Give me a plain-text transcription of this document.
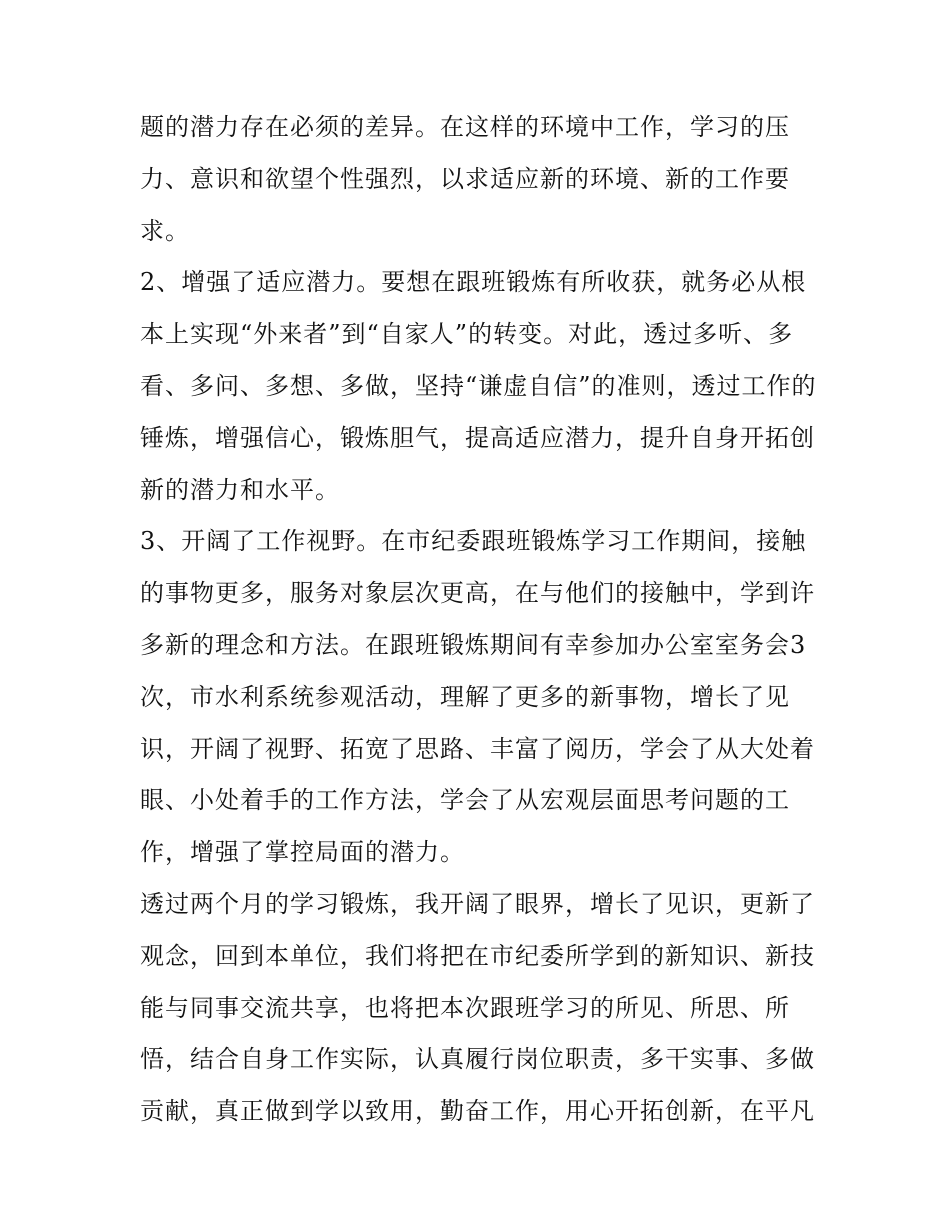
题的潜力存在必须的差异。在这样的环境中工作，学习的压
力、意识和欲望个性强烈，以求适应新的环境、新的工作要
求。
2、增强了适应潜力。要想在跟班锻炼有所收获，就务必从根
本上实现“外来者”到“自家人”的转变。对此，透过多听、多
看、多问、多想、多做，坚持“谦虚自信”的准则，透过工作的
锤炼，增强信心，锻炼胆气，提高适应潜力，提升自身开拓创
新的潜力和水平。
3、开阔了工作视野。在市纪委跟班锻炼学习工作期间，接触
的事物更多，服务对象层次更高，在与他们的接触中，学到许
多新的理念和方法。在跟班锻炼期间有幸参加办公室室务会3
次，市水利系统参观活动，理解了更多的新事物，增长了见
识，开阔了视野、拓宽了思路、丰富了阅历，学会了从大处着
眼、小处着手的工作方法，学会了从宏观层面思考问题的工
作，增强了掌控局面的潜力。
透过两个月的学习锻炼，我开阔了眼界，增长了见识，更新了
观念，回到本单位，我们将把在市纪委所学到的新知识、新技
能与同事交流共享，也将把本次跟班学习的所见、所思、所
悟，结合自身工作实际，认真履行岗位职责，多干实事、多做
贡献，真正做到学以致用，勤奋工作，用心开拓创新，在平凡
